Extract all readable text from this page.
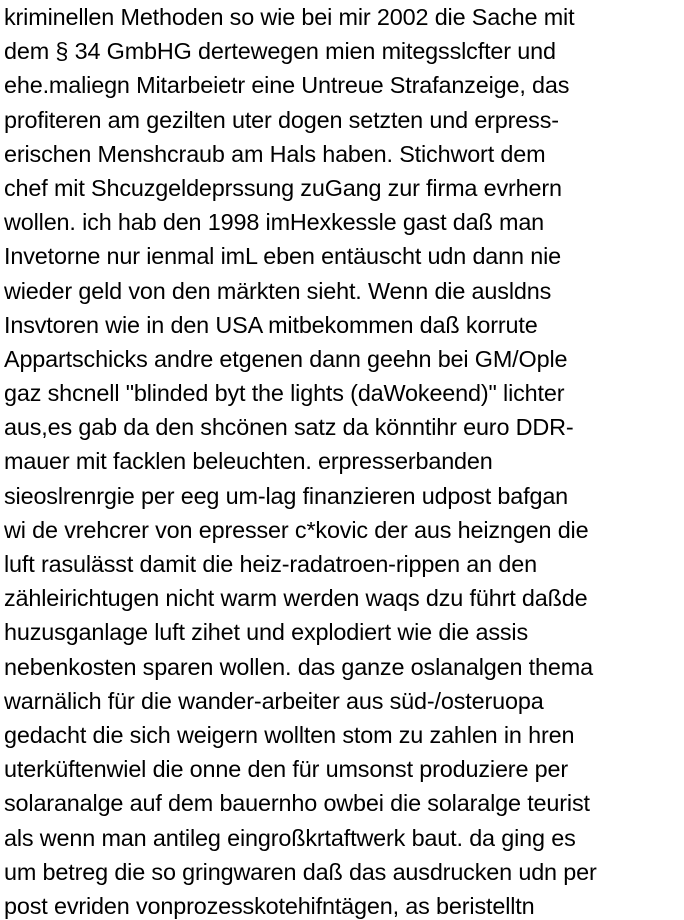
kriminellen Methoden so wie bei mir 2002 die Sache mit
dem § 34 GmbHG dertewegen mien mitegsslcfter und
ehe.maliegn Mitarbeietr eine Untreue Strafanzeige, das
profiteren am gezilten uter dogen setzten und erpress-
erischen Menshcraub am Hals haben. Stichwort dem
chef mit Shcuzgeldeprssung zuGang zur firma evrhern
wollen. ich hab den 1998 imHexkessle gast daß man
Invetorne nur ienmal imL eben entäuscht udn dann nie
wieder geld von den märkten sieht. Wenn die ausldns
Insvtoren wie in den USA mitbekommen daß korrute
Appartschicks andre etgenen dann geehn bei GM/Ople
gaz shcnell "blinded byt the lights (daWokeend)" lichter
aus,es gab da den shcönen satz da könntihr euro DDR-
mauer mit facklen beleuchten. erpresserbanden
sieoslrenrgie per eeg um-lag finanzieren udpost bafgan
wi de vrehcrer von epresser c*kovic der aus heizngen die
luft rasulässt damit die heiz-radatroen-rippen an den
zähleirichtugen nicht warm werden waqs dzu führt daßde
huzusganlage luft zihet und explodiert wie die assis
nebenkosten sparen wollen. das ganze oslanalgen thema
warnälich für die wander-arbeiter aus süd-/osteruopa
gedacht die sich weigern wollten stom zu zahlen in hren
uterküftenwiel die onne den für umsonst produziere per
solaranalge auf dem bauernho owbei die solaralge teurist
als wenn man antileg eingroßkrtaftwerk baut. da ging es
um betreg die so gringwaren daß das ausdrucken udn per
post evriden vonprozesskotehifntägen, as beristelltn
